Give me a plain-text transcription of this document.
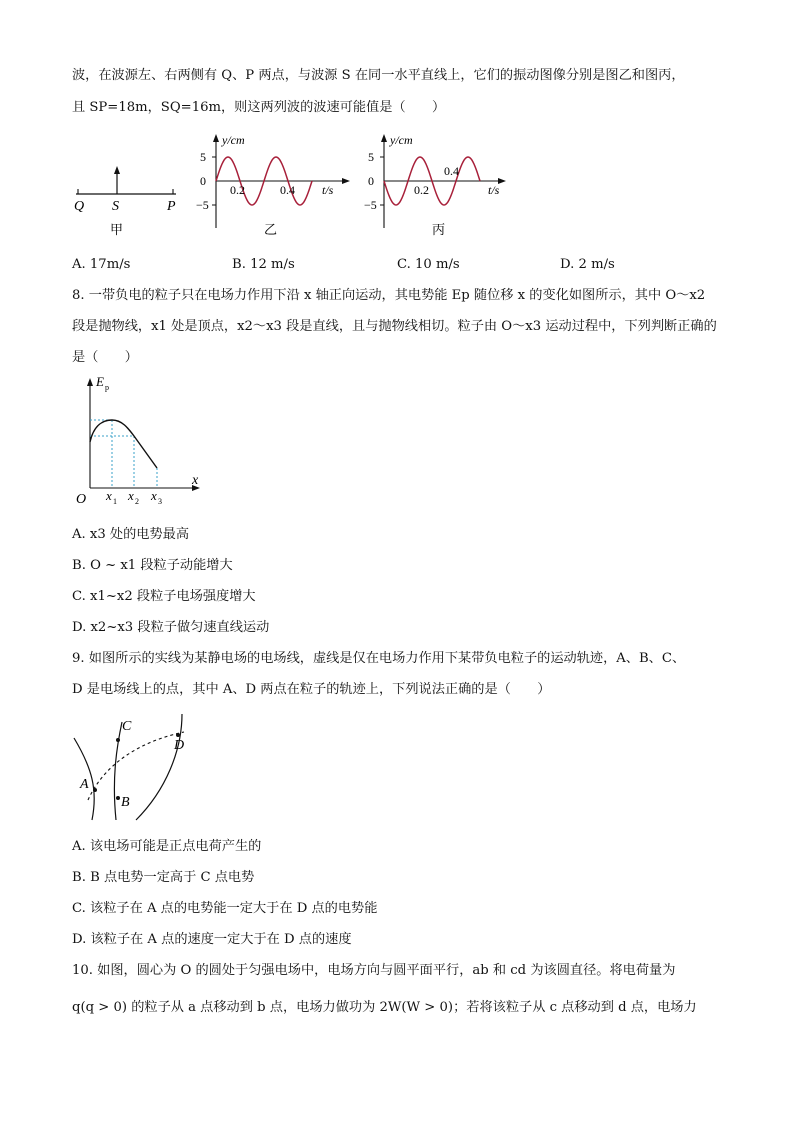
波，在波源左、右两侧有 Q、P 两点，与波源 S 在同一水平直线上，它们的振动图像分别是图乙和图丙，
且 SP=18m，SQ=16m，则这两列波的波速可能值是（　　）
Q S	P
甲
y/cm
5
0
−5
0.2	0.4 t/s
乙
y/cm
5
0
−5
0.2
0.4
t/s
丙
A. 17m/s	B. 12 m/s	C. 10 m/s	D. 2 m/s
8. 一带负电的粒子只在电场力作用下沿 x 轴正向运动，其电势能 Ep 随位移 x 的变化如图所示，其中 O～x2
段是抛物线，x1 处是顶点，x2～x3 段是直线，且与抛物线相切。粒子由 O～x3 运动过程中，下列判断正确的
是（　　）
E p
O
x
x 1 x 2 x 3
A. x3 处的电势最高
B. O ~ x1 段粒子动能增大
C. x1~x2 段粒子电场强度增大
D. x2~x3 段粒子做匀速直线运动
9. 如图所示的实线为某静电场的电场线，虚线是仅在电场力作用下某带负电粒子的运动轨迹，A、B、C、
D 是电场线上的点，其中 A、D 两点在粒子的轨迹上，下列说法正确的是（　　）
A
B
C
D
A. 该电场可能是正点电荷产生的
B. B 点电势一定高于 C 点电势
C. 该粒子在 A 点的电势能一定大于在 D 点的电势能
D. 该粒子在 A 点的速度一定大于在 D 点的速度
10. 如图，圆心为 O 的圆处于匀强电场中，电场方向与圆平面平行，ab 和 cd 为该圆直径。将电荷量为
q(q > 0) 的粒子从 a 点移动到 b 点，电场力做功为 2W(W > 0)；若将该粒子从 c 点移动到 d 点，电场力
